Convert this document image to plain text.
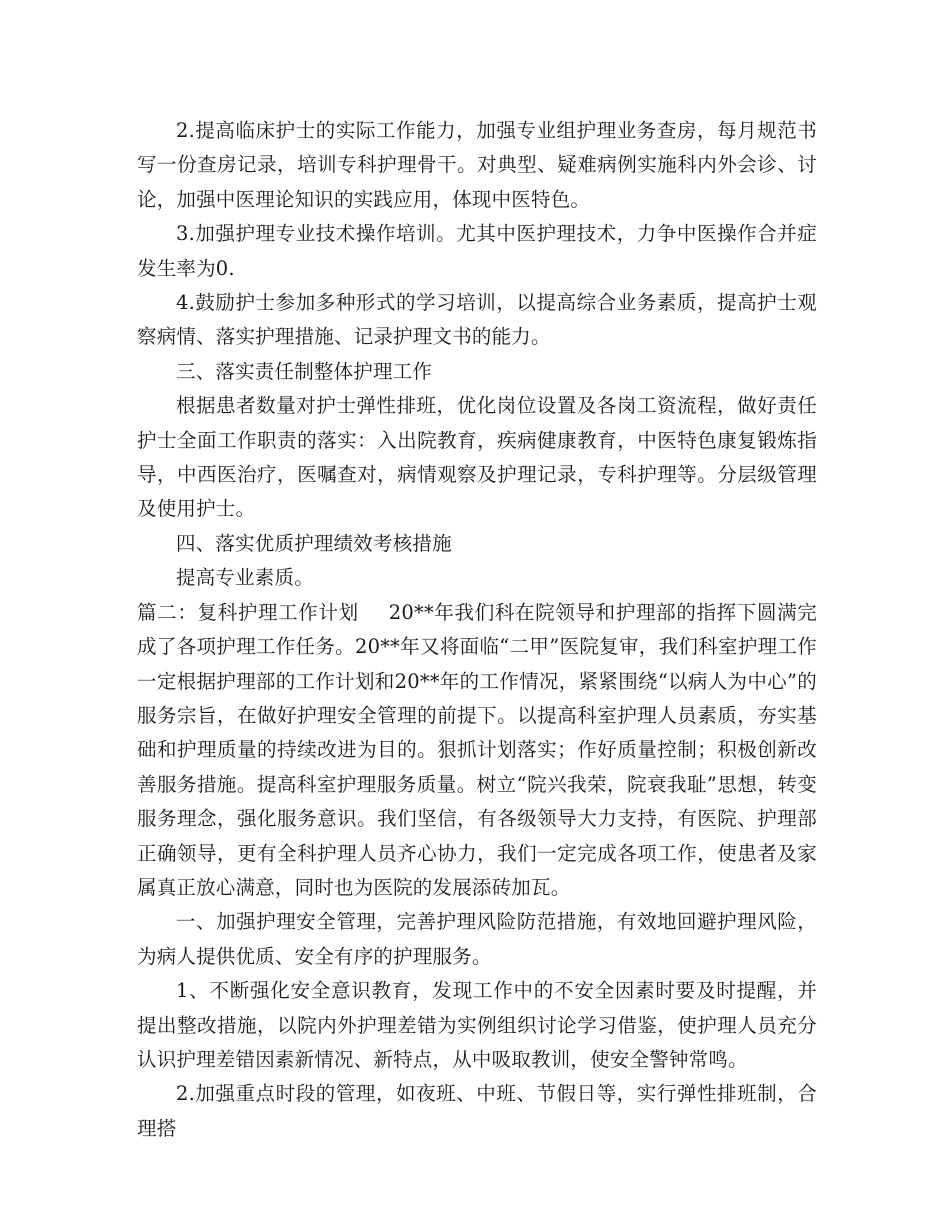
2.提高临床护士的实际工作能力，加强专业组护理业务查房，每月规范书写一份查房记录，培训专科护理骨干。对典型、疑难病例实施科内外会诊、讨论，加强中医理论知识的实践应用，体现中医特色。

3.加强护理专业技术操作培训。尤其中医护理技术，力争中医操作合并症发生率为0.

4.鼓励护士参加多种形式的学习培训，以提高综合业务素质，提高护士观察病情、落实护理措施、记录护理文书的能力。

三、落实责任制整体护理工作

根据患者数量对护士弹性排班，优化岗位设置及各岗工资流程，做好责任护士全面工作职责的落实：入出院教育，疾病健康教育，中医特色康复锻炼指导，中西医治疗，医嘱查对，病情观察及护理记录，专科护理等。分层级管理及使用护士。

四、落实优质护理绩效考核措施

提高专业素质。

篇二：复科护理工作计划 20**年我们科在院领导和护理部的指挥下圆满完成了各项护理工作任务。20**年又将面临“二甲”医院复审，我们科室护理工作一定根据护理部的工作计划和20**年的工作情况，紧紧围绕“以病人为中心”的服务宗旨，在做好护理安全管理的前提下。以提高科室护理人员素质，夯实基础和护理质量的持续改进为目的。狠抓计划落实；作好质量控制；积极创新改善服务措施。提高科室护理服务质量。树立“院兴我荣，院衰我耻”思想，转变服务理念，强化服务意识。我们坚信，有各级领导大力支持，有医院、护理部正确领导，更有全科护理人员齐心协力，我们一定完成各项工作，使患者及家属真正放心满意，同时也为医院的发展添砖加瓦。

一、加强护理安全管理，完善护理风险防范措施，有效地回避护理风险，为病人提供优质、安全有序的护理服务。

1、不断强化安全意识教育，发现工作中的不安全因素时要及时提醒，并提出整改措施，以院内外护理差错为实例组织讨论学习借鉴，使护理人员充分认识护理差错因素新情况、新特点，从中吸取教训，使安全警钟常鸣。

2.加强重点时段的管理，如夜班、中班、节假日等，实行弹性排班制，合理搭
